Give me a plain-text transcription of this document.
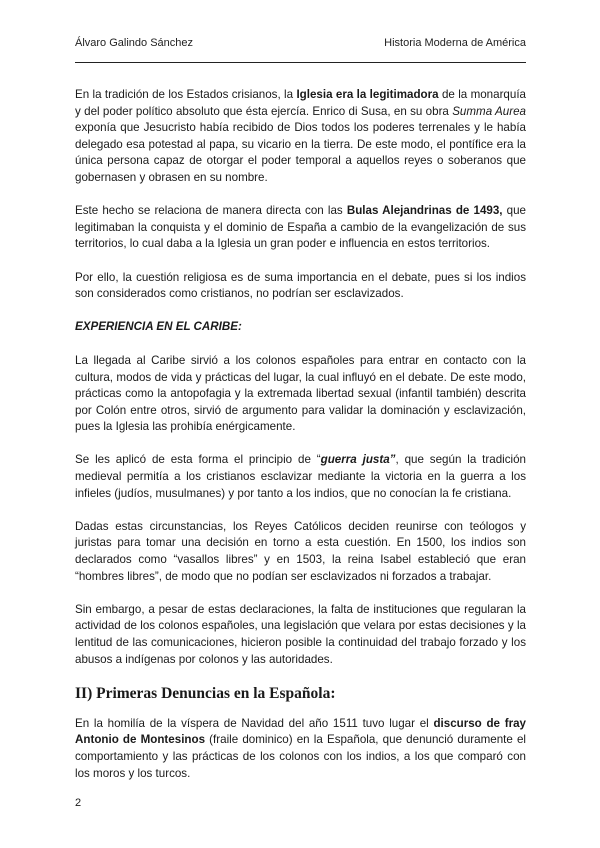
Álvaro Galindo Sánchez	Historia Moderna de América

En la tradición de los Estados crisianos, la Iglesia era la legitimadora de la monarquía y del poder político absoluto que ésta ejercía. Enrico di Susa, en su obra Summa Aurea exponía que Jesucristo había recibido de Dios todos los poderes terrenales y le había delegado esa potestad al papa, su vicario en la tierra. De este modo, el pontífice era la única persona capaz de otorgar el poder temporal a aquellos reyes o soberanos que gobernasen y obrasen en su nombre.

Este hecho se relaciona de manera directa con las Bulas Alejandrinas de 1493, que legitimaban la conquista y el dominio de España a cambio de la evangelización de sus territorios, lo cual daba a la Iglesia un gran poder e influencia en estos territorios.

Por ello, la cuestión religiosa es de suma importancia en el debate, pues si los indios son considerados como cristianos, no podrían ser esclavizados.

EXPERIENCIA EN EL CARIBE:

La llegada al Caribe sirvió a los colonos españoles para entrar en contacto con la cultura, modos de vida y prácticas del lugar, la cual influyó en el debate. De este modo, prácticas como la antopofagia y la extremada libertad sexual (infantil también) descrita por Colón entre otros, sirvió de argumento para validar la dominación y esclavización, pues la Iglesia las prohibía enérgicamente.

Se les aplicó de esta forma el principio de “guerra justa”, que según la tradición medieval permitía a los cristianos esclavizar mediante la victoria en la guerra a los infieles (judíos, musulmanes) y por tanto a los indios, que no conocían la fe cristiana.

Dadas estas circunstancias, los Reyes Católicos deciden reunirse con teólogos y juristas para tomar una decisión en torno a esta cuestión. En 1500, los indios son declarados como “vasallos libres” y en 1503, la reina Isabel estableció que eran “hombres libres”, de modo que no podían ser esclavizados ni forzados a trabajar.

Sin embargo, a pesar de estas declaraciones, la falta de instituciones que regularan la actividad de los colonos españoles, una legislación que velara por estas decisiones y la lentitud de las comunicaciones, hicieron posible la continuidad del trabajo forzado y los abusos a indígenas por colonos y las autoridades.

II) Primeras Denuncias en la Española:

En la homilía de la víspera de Navidad del año 1511 tuvo lugar el discurso de fray Antonio de Montesinos (fraile dominico) en la Española, que denunció duramente el comportamiento y las prácticas de los colonos con los indios, a los que comparó con los moros y los turcos.

2
